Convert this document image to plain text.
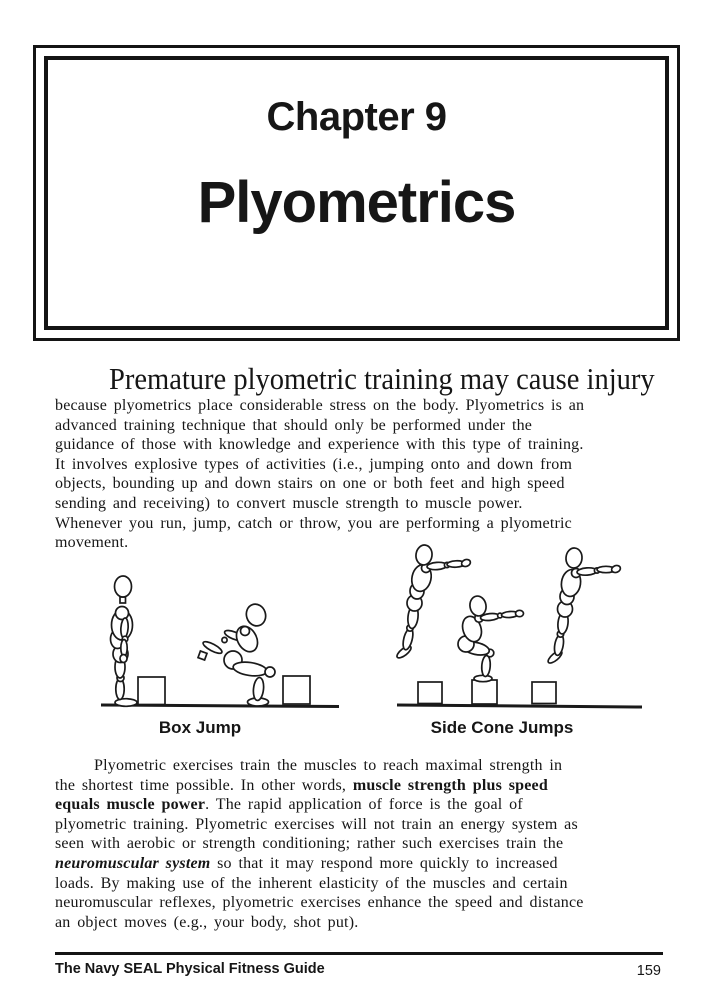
Chapter 9
Plyometrics
Premature plyometric training may cause injury
because plyometrics place considerable stress on the body. Plyometrics is an
advanced training technique that should only be performed under the
guidance of those with knowledge and experience with this type of training.
It involves explosive types of activities (i.e., jumping onto and down from
objects, bounding up and down stairs on one or both feet and high speed
sending and receiving) to convert muscle strength to muscle power.
Whenever you run, jump, catch or throw, you are performing a plyometric
movement.
Box Jump	Side Cone Jumps
Plyometric exercises train the muscles to reach maximal strength in
the shortest time possible. In other words, muscle strength plus speed
equals muscle power. The rapid application of force is the goal of
plyometric training. Plyometric exercises will not train an energy system as
seen with aerobic or strength conditioning; rather such exercises train the
neuromuscular system so that it may respond more quickly to increased
loads. By making use of the inherent elasticity of the muscles and certain
neuromuscular reflexes, plyometric exercises enhance the speed and distance
an object moves (e.g., your body, shot put).
The Navy SEAL Physical Fitness Guide	159
